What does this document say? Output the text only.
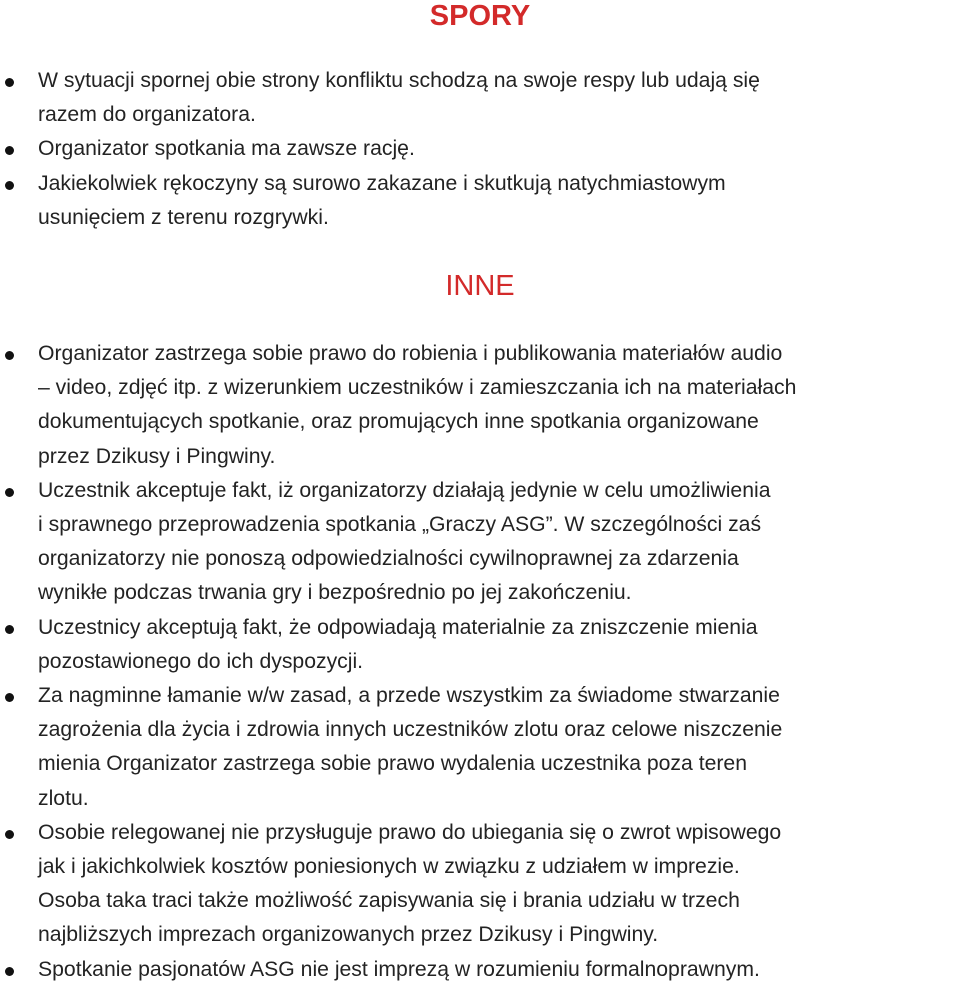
SPORY
W sytuacji spornej obie strony konfliktu schodzą na swoje respy lub udają się
razem do organizatora.
Organizator spotkania ma zawsze rację.
Jakiekolwiek rękoczyny są surowo zakazane i skutkują natychmiastowym
usunięciem z terenu rozgrywki.
INNE
Organizator zastrzega sobie prawo do robienia i publikowania materiałów audio
– video, zdjęć itp. z wizerunkiem uczestników i zamieszczania ich na materiałach
dokumentujących spotkanie, oraz promujących inne spotkania organizowane
przez Dzikusy i Pingwiny.
Uczestnik akceptuje fakt, iż organizatorzy działają jedynie w celu umożliwienia
i sprawnego przeprowadzenia spotkania „Graczy ASG”. W szczególności zaś
organizatorzy nie ponoszą odpowiedzialności cywilnoprawnej za zdarzenia
wynikłe podczas trwania gry i bezpośrednio po jej zakończeniu.
Uczestnicy akceptują fakt, że odpowiadają materialnie za zniszczenie mienia
pozostawionego do ich dyspozycji.
Za nagminne łamanie w/w zasad, a przede wszystkim za świadome stwarzanie
zagrożenia dla życia i zdrowia innych uczestników zlotu oraz celowe niszczenie
mienia Organizator zastrzega sobie prawo wydalenia uczestnika poza teren
zlotu.
Osobie relegowanej nie przysługuje prawo do ubiegania się o zwrot wpisowego
jak i jakichkolwiek kosztów poniesionych w związku z udziałem w imprezie.
Osoba taka traci także możliwość zapisywania się i brania udziału w trzech
najbliższych imprezach organizowanych przez Dzikusy i Pingwiny.
Spotkanie pasjonatów ASG nie jest imprezą w rozumieniu formalnoprawnym.
